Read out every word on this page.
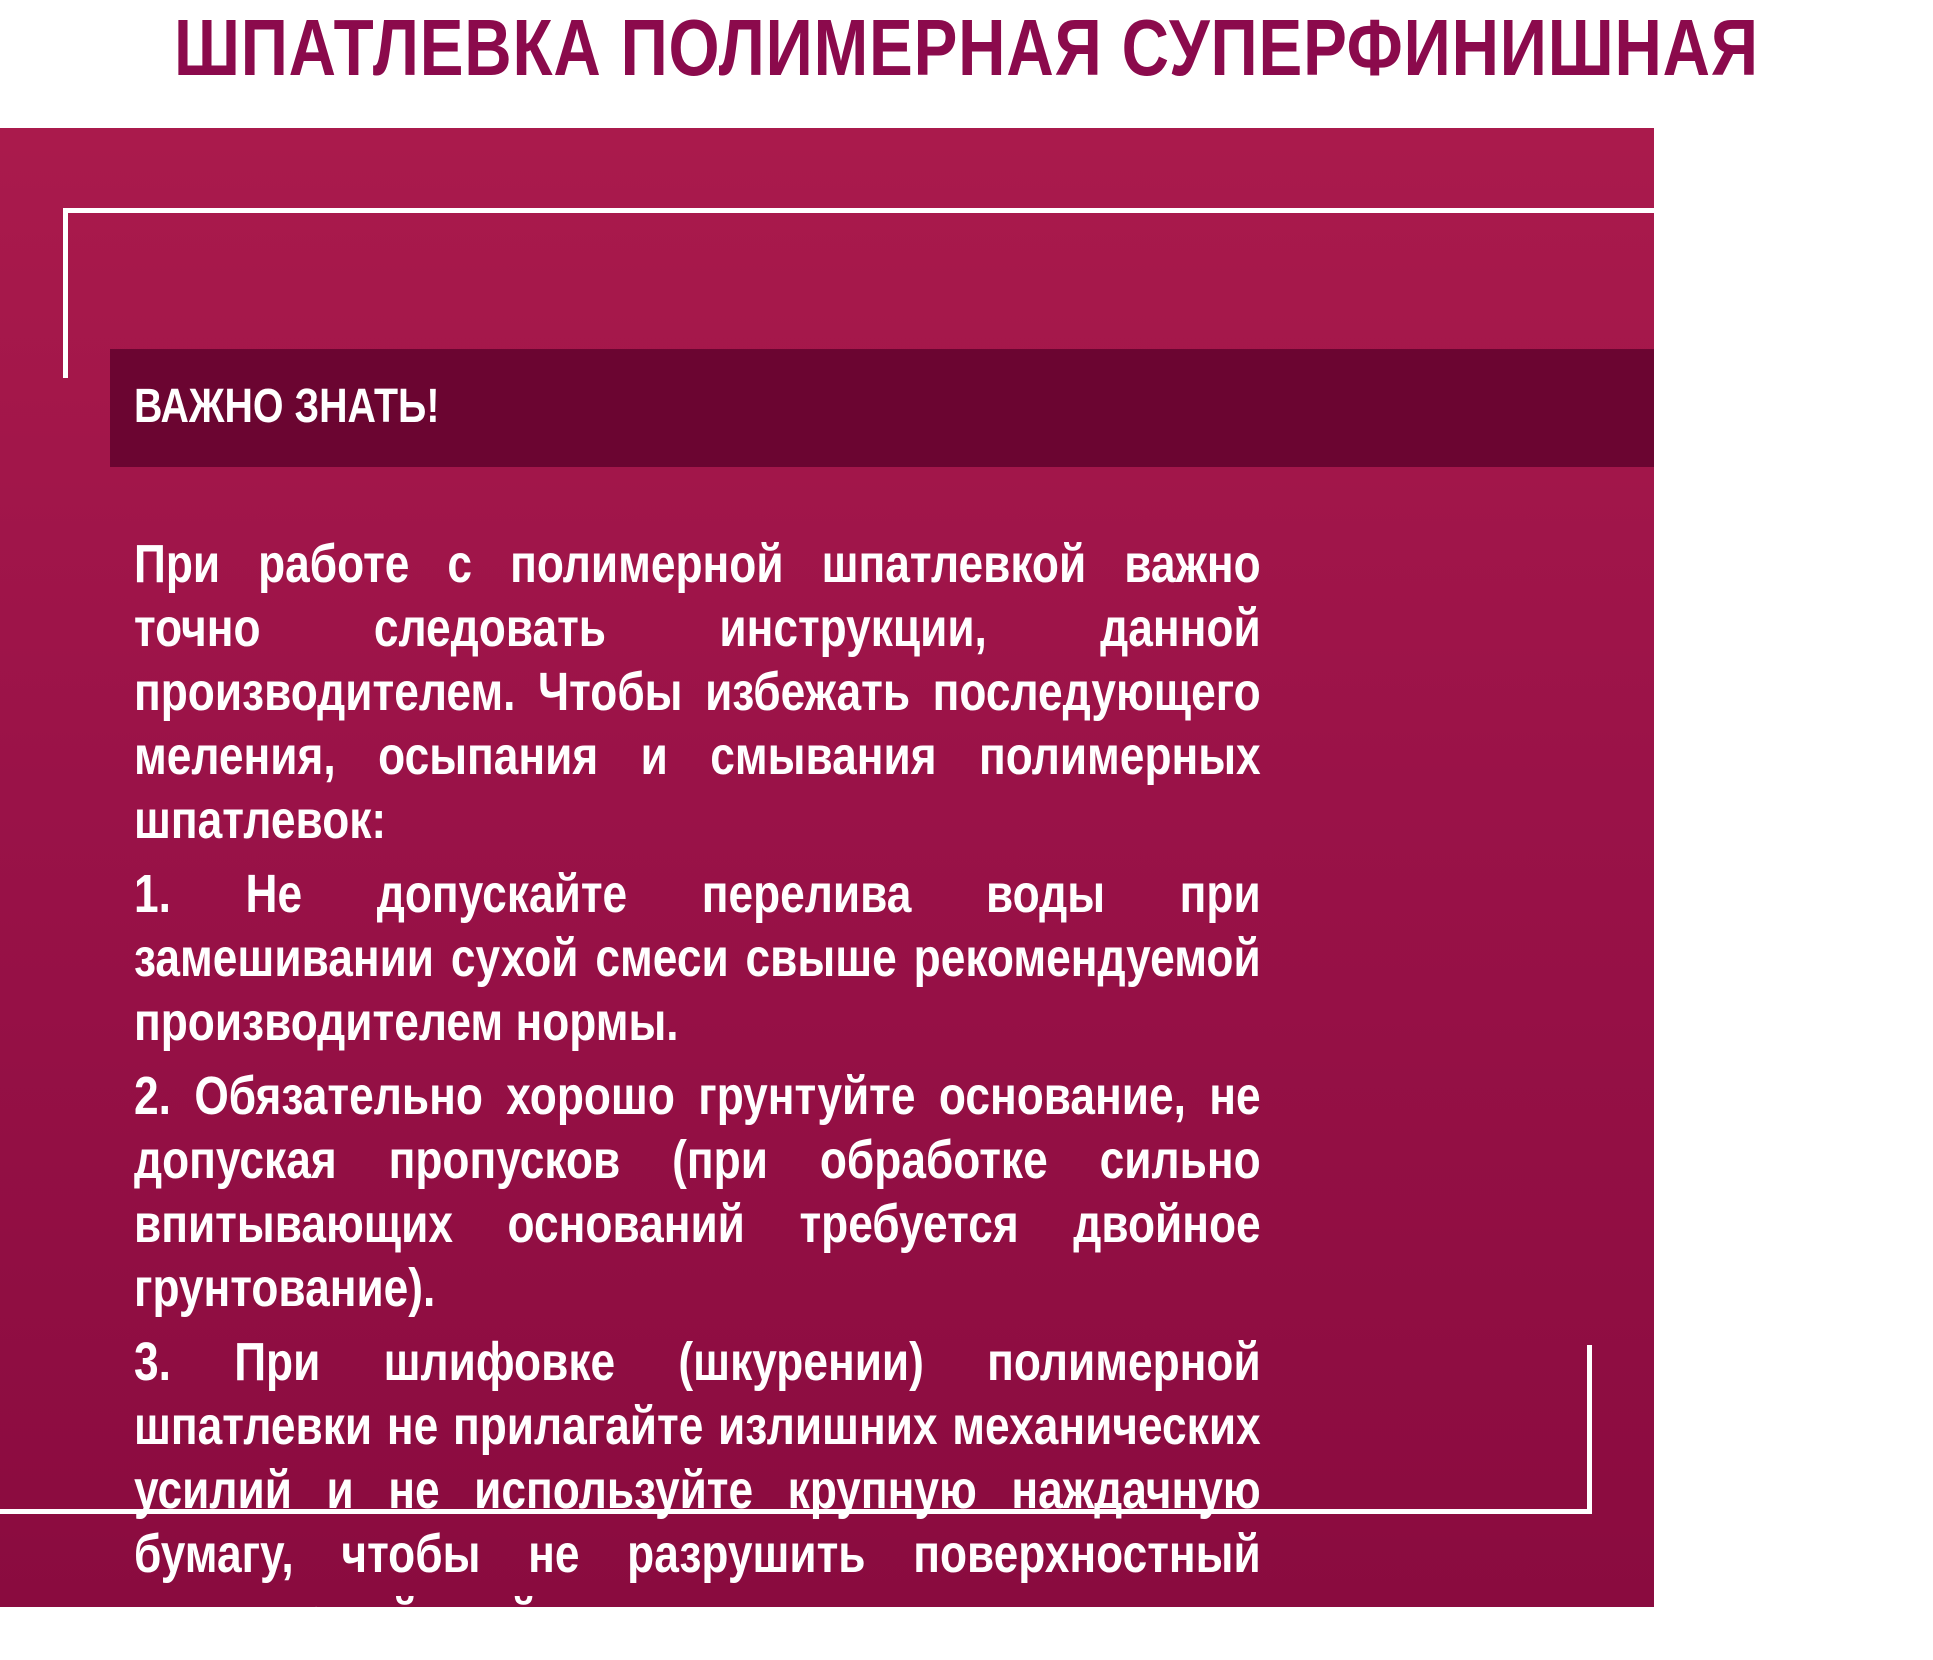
ШПАТЛЕВКА ПОЛИМЕРНАЯ СУПЕРФИНИШНАЯ
ВАЖНО ЗНАТЬ!

При работе с полимерной шпатлевкой важно точно следовать инструкции, данной производителем. Чтобы избежать последующего меления, осыпания и смывания полимерных шпатлевок:

1. Не допускайте перелива воды при замешивании сухой смеси свыше рекомендуемой производителем нормы.

2. Обязательно хорошо грунтуйте основание, не допуская пропусков (при обработке сильно впитывающих оснований требуется двойное грунтование).

3. При шлифовке (шкурении) полимерной шпатлевки не прилагайте излишних механических усилий и не используйте крупную наждачную бумагу, чтобы не разрушить поверхностный полимерный слой.
